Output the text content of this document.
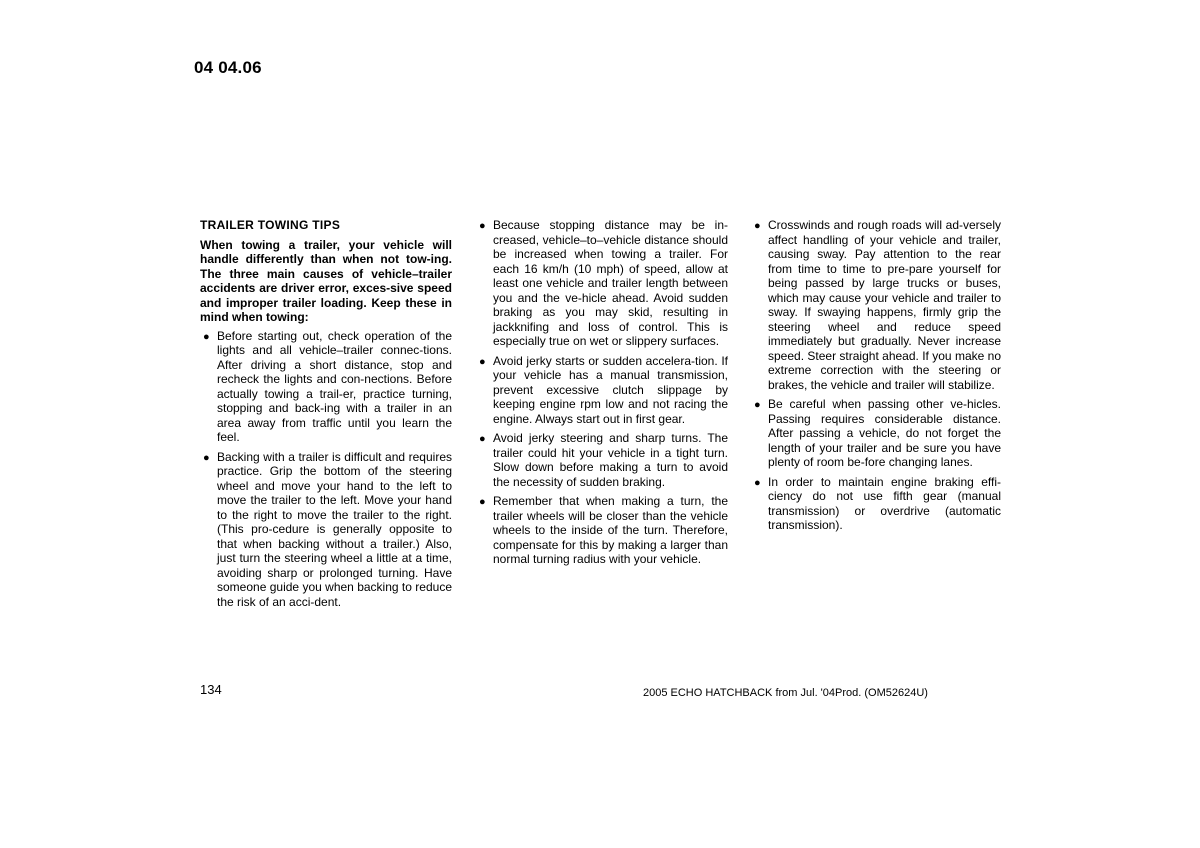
04 04.06
TRAILER TOWING TIPS
When towing a trailer, your vehicle will handle differently than when not tow-ing. The three main causes of vehicle–trailer accidents are driver error, exces-sive speed and improper trailer loading. Keep these in mind when towing:
● Before starting out, check operation of the lights and all vehicle–trailer connec-tions. After driving a short distance, stop and recheck the lights and con-nections. Before actually towing a trail-er, practice turning, stopping and back-ing with a trailer in an area away from traffic until you learn the feel.
● Backing with a trailer is difficult and requires practice. Grip the bottom of the steering wheel and move your hand to the left to move the trailer to the left. Move your hand to the right to move the trailer to the right. (This pro-cedure is generally opposite to that when backing without a trailer.) Also, just turn the steering wheel a little at a time, avoiding sharp or prolonged turning. Have someone guide you when backing to reduce the risk of an acci-dent.
● Because stopping distance may be in-creased, vehicle–to–vehicle distance should be increased when towing a trailer. For each 16 km/h (10 mph) of speed, allow at least one vehicle and trailer length between you and the ve-hicle ahead. Avoid sudden braking as you may skid, resulting in jackknifing and loss of control. This is especially true on wet or slippery surfaces.
● Avoid jerky starts or sudden accelera-tion. If your vehicle has a manual transmission, prevent excessive clutch slippage by keeping engine rpm low and not racing the engine. Always start out in first gear.
● Avoid jerky steering and sharp turns. The trailer could hit your vehicle in a tight turn. Slow down before making a turn to avoid the necessity of sudden braking.
● Remember that when making a turn, the trailer wheels will be closer than the vehicle wheels to the inside of the turn. Therefore, compensate for this by making a larger than normal turning radius with your vehicle.
● Crosswinds and rough roads will ad-versely affect handling of your vehicle and trailer, causing sway. Pay attention to the rear from time to time to pre-pare yourself for being passed by large trucks or buses, which may cause your vehicle and trailer to sway. If swaying happens, firmly grip the steering wheel and reduce speed immediately but gradually. Never increase speed. Steer straight ahead. If you make no extreme correction with the steering or brakes, the vehicle and trailer will stabilize.
● Be careful when passing other ve-hicles. Passing requires considerable distance. After passing a vehicle, do not forget the length of your trailer and be sure you have plenty of room be-fore changing lanes.
● In order to maintain engine braking effi-ciency do not use fifth gear (manual transmission) or overdrive (automatic transmission).
134	2005 ECHO HATCHBACK from Jul. '04Prod. (OM52624U)
